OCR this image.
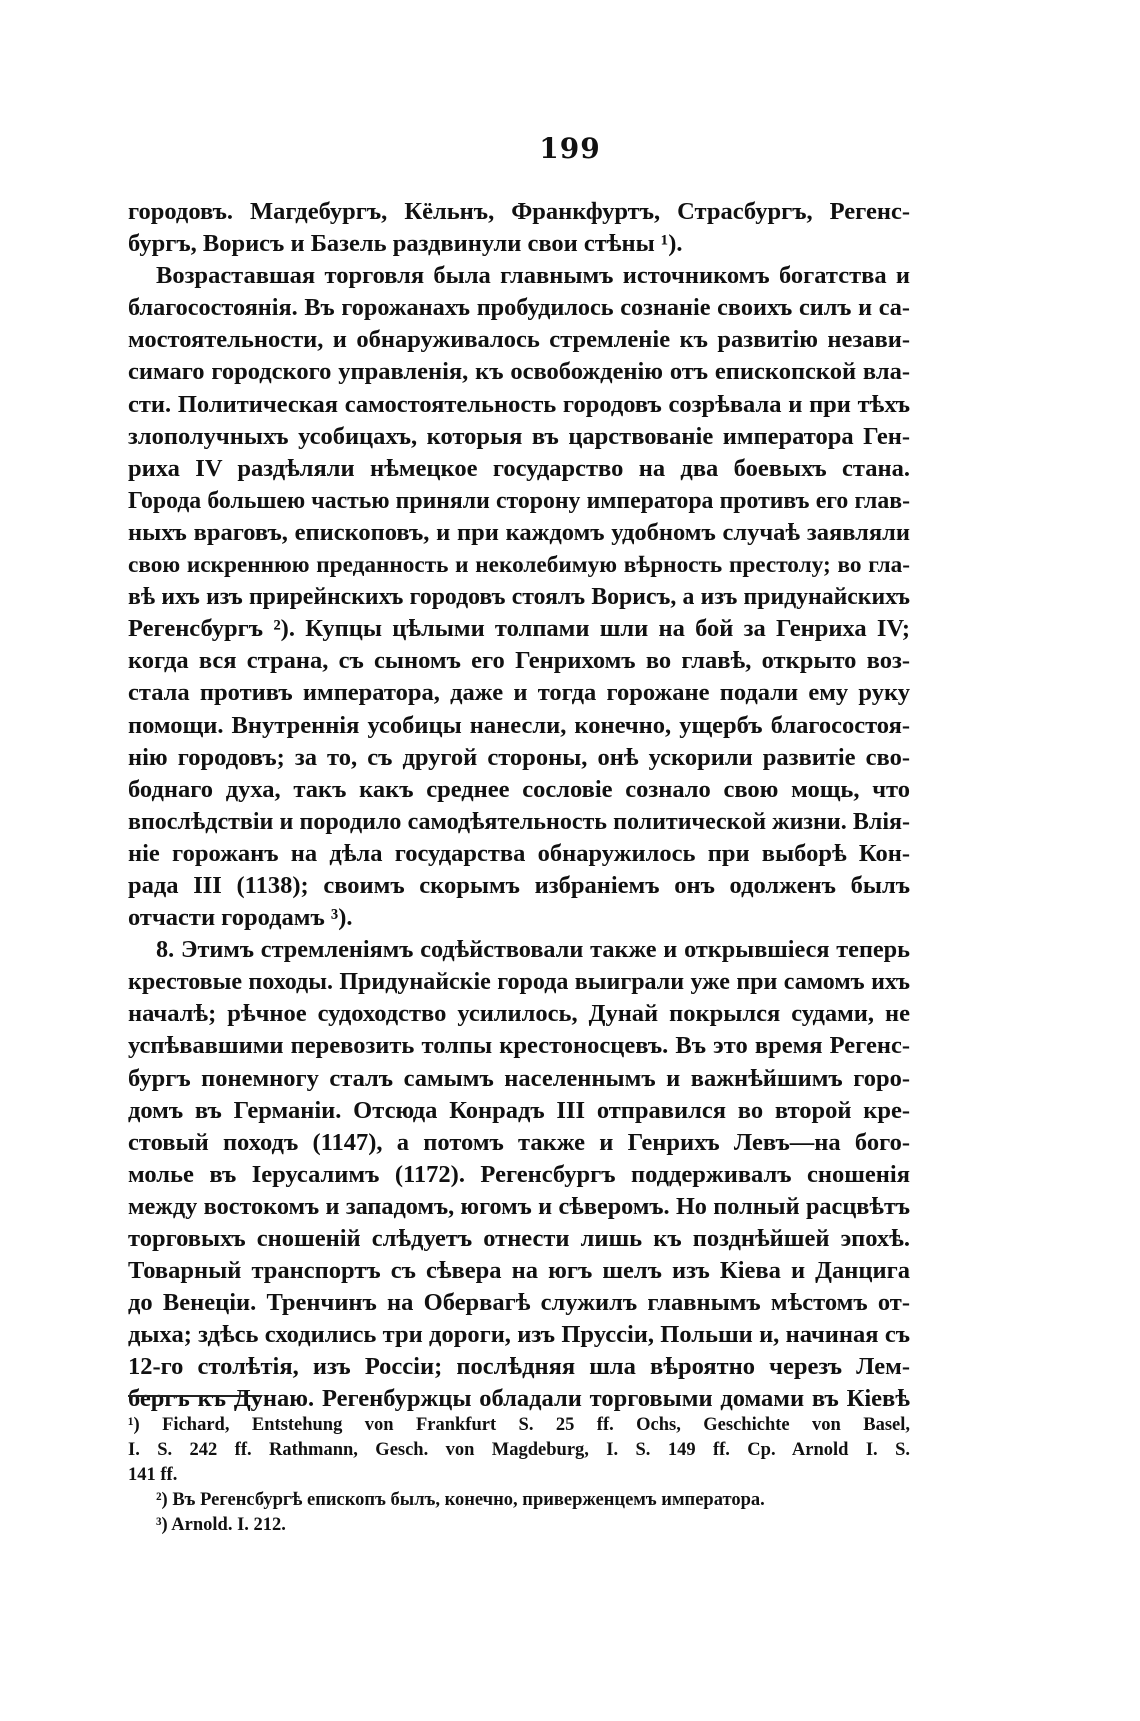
199
городовъ. Магдебургъ, Кёльнъ, Франкфуртъ, Страсбургъ, Регенс-
бургъ, Ворисъ и Базель раздвинули свои стѣны ¹).
Возраставшая торговля была главнымъ источникомъ богатства и
благосостоянія. Въ горожанахъ пробудилось сознаніе своихъ силъ и са-
мостоятельности, и обнаруживалось стремленіе къ развитію незави-
симаго городского управленія, къ освобожденію отъ епископской вла-
сти. Политическая самостоятельность городовъ созрѣвала и при тѣхъ
злополучныхъ усобицахъ, которыя въ царствованіе императора Ген-
риха IV раздѣляли нѣмецкое государство на два боевыхъ стана.
Города большею частью приняли сторону императора противъ его глав-
ныхъ враговъ, епископовъ, и при каждомъ удобномъ случаѣ заявляли
свою искреннюю преданность и неколебимую вѣрность престолу; во гла-
вѣ ихъ изъ прирейнскихъ городовъ стоялъ Ворисъ, а изъ придунайскихъ
Регенсбургъ ²). Купцы цѣлыми толпами шли на бой за Генриха IV;
когда вся страна, съ сыномъ его Генрихомъ во главѣ, открыто воз-
стала противъ императора, даже и тогда горожане подали ему руку
помощи. Внутреннія усобицы нанесли, конечно, ущербъ благосостоя-
нію городовъ; за то, съ другой стороны, онѣ ускорили развитіе сво-
боднаго духа, такъ какъ среднее сословіе сознало свою мощь, что
впослѣдствіи и породило самодѣятельность политической жизни. Влія-
ніе горожанъ на дѣла государства обнаружилось при выборѣ Кон-
рада III (1138); своимъ скорымъ избраніемъ онъ одолженъ былъ
отчасти городамъ ³).
8. Этимъ стремленіямъ содѣйствовали также и открывшіеся теперь
крестовые походы. Придунайскіе города выиграли уже при самомъ ихъ
началѣ; рѣчное судоходство усилилось, Дунай покрылся судами, не
успѣвавшими перевозить толпы крестоносцевъ. Въ это время Регенс-
бургъ понемногу сталъ самымъ населеннымъ и важнѣйшимъ горо-
домъ въ Германіи. Отсюда Конрадъ III отправился во второй кре-
стовый походъ (1147), а потомъ также и Генрихъ Левъ—на бого-
молье въ Іерусалимъ (1172). Регенсбургъ поддерживалъ сношенія
между востокомъ и западомъ, югомъ и сѣверомъ. Но полный расцвѣтъ
торговыхъ сношеній слѣдуетъ отнести лишь къ позднѣйшей эпохѣ.
Товарный транспортъ съ сѣвера на югъ шелъ изъ Кіева и Данцига
до Венеціи. Тренчинъ на Обервагѣ служилъ главнымъ мѣстомъ от-
дыха; здѣсь сходились три дороги, изъ Пруссіи, Польши и, начиная съ
12-го столѣтія, изъ Россіи; послѣдняя шла вѣроятно черезъ Лем-
бергъ къ Дунаю. Регенбуржцы обладали торговыми домами въ Кіевѣ
¹) Fichard, Entstehung von Frankfurt S. 25 ff. Ochs, Geschichte von Basel,
I. S. 242 ff. Rathmann, Gesch. von Magdeburg, I. S. 149 ff. Cp. Arnold I. S.
141 ff.
²) Въ Регенсбургѣ епископъ былъ, конечно, приверженцемъ императора.
³) Arnold. I. 212.
